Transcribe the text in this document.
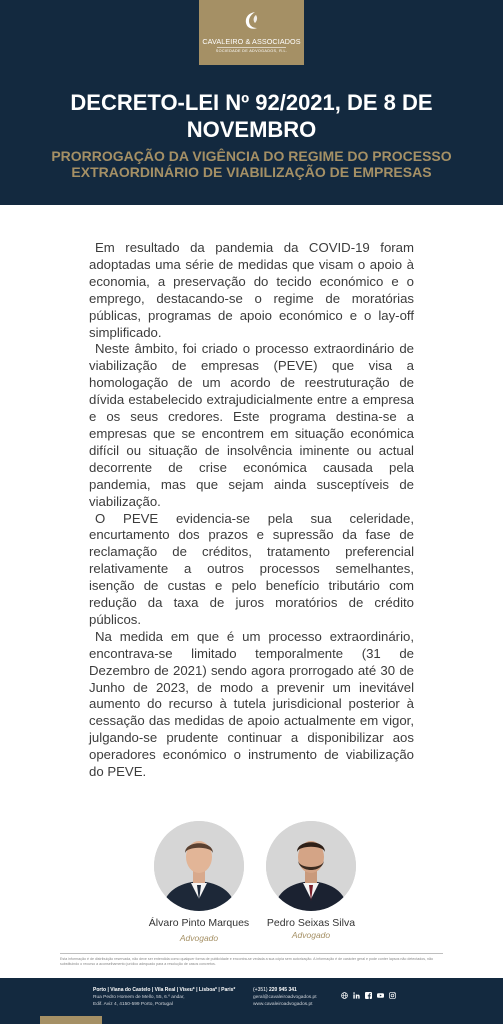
CAVALEIRO & ASSOCIADOS
SOCIEDADE DE ADVOGADOS, R.L.
DECRETO-LEI Nº 92/2021, DE 8 DE NOVEMBRO
PRORROGAÇÃO DA VIGÊNCIA DO REGIME DO PROCESSO EXTRAORDINÁRIO DE VIABILIZAÇÃO DE EMPRESAS

Em resultado da pandemia da COVID-19 foram adoptadas uma série de medidas que visam o apoio à economia, a preservação do tecido económico e o emprego, destacando-se o regime de moratórias públicas, programas de apoio económico e o lay-off simplificado.

Neste âmbito, foi criado o processo extraordinário de viabilização de empresas (PEVE) que visa a homologação de um acordo de reestruturação de dívida estabelecido extrajudicialmente entre a empresa e os seus credores. Este programa destina-se a empresas que se encontrem em situação económica difícil ou situação de insolvência iminente ou actual decorrente de crise económica causada pela pandemia, mas que sejam ainda susceptíveis de viabilização.

O PEVE evidencia-se pela sua celeridade, encurtamento dos prazos e supressão da fase de reclamação de créditos, tratamento preferencial relativamente a outros processos semelhantes, isenção de custas e pelo benefício tributário com redução da taxa de juros moratórios de crédito públicos.

Na medida em que é um processo extraordinário, encontrava-se limitado temporalmente (31 de Dezembro de 2021) sendo agora prorrogado até 30 de Junho de 2023, de modo a prevenir um inevitável aumento do recurso à tutela jurisdicional posterior à cessação das medidas de apoio actualmente em vigor, julgando-se prudente continuar a disponibilizar aos operadores económico o instrumento de viabilização do PEVE.

Álvaro Pinto Marques
Advogado
Pedro Seixas Silva
Advogado
Esta informação é de distribuição reservada, não deve ser entendida como qualquer forma de publicidade e encontra-se vedada a sua cópia sem autorização. A informação é de carácter geral e pode conter lapsos não detectados, não substituindo o recurso a aconselhamento jurídico adequado para a resolução de casos concretos.
Porto | Viana do Castelo | Vila Real | Viseu* | Lisboa* | Paris*
Rua Pedro Homem de Mello, 55, 6.º andar,
Edif. Aviz 4, 4150-599 Porto, Portugal
(+351) 220 945 341
geral@cavaleiroadvogados.pt
www.cavaleiroadvogados.pt
